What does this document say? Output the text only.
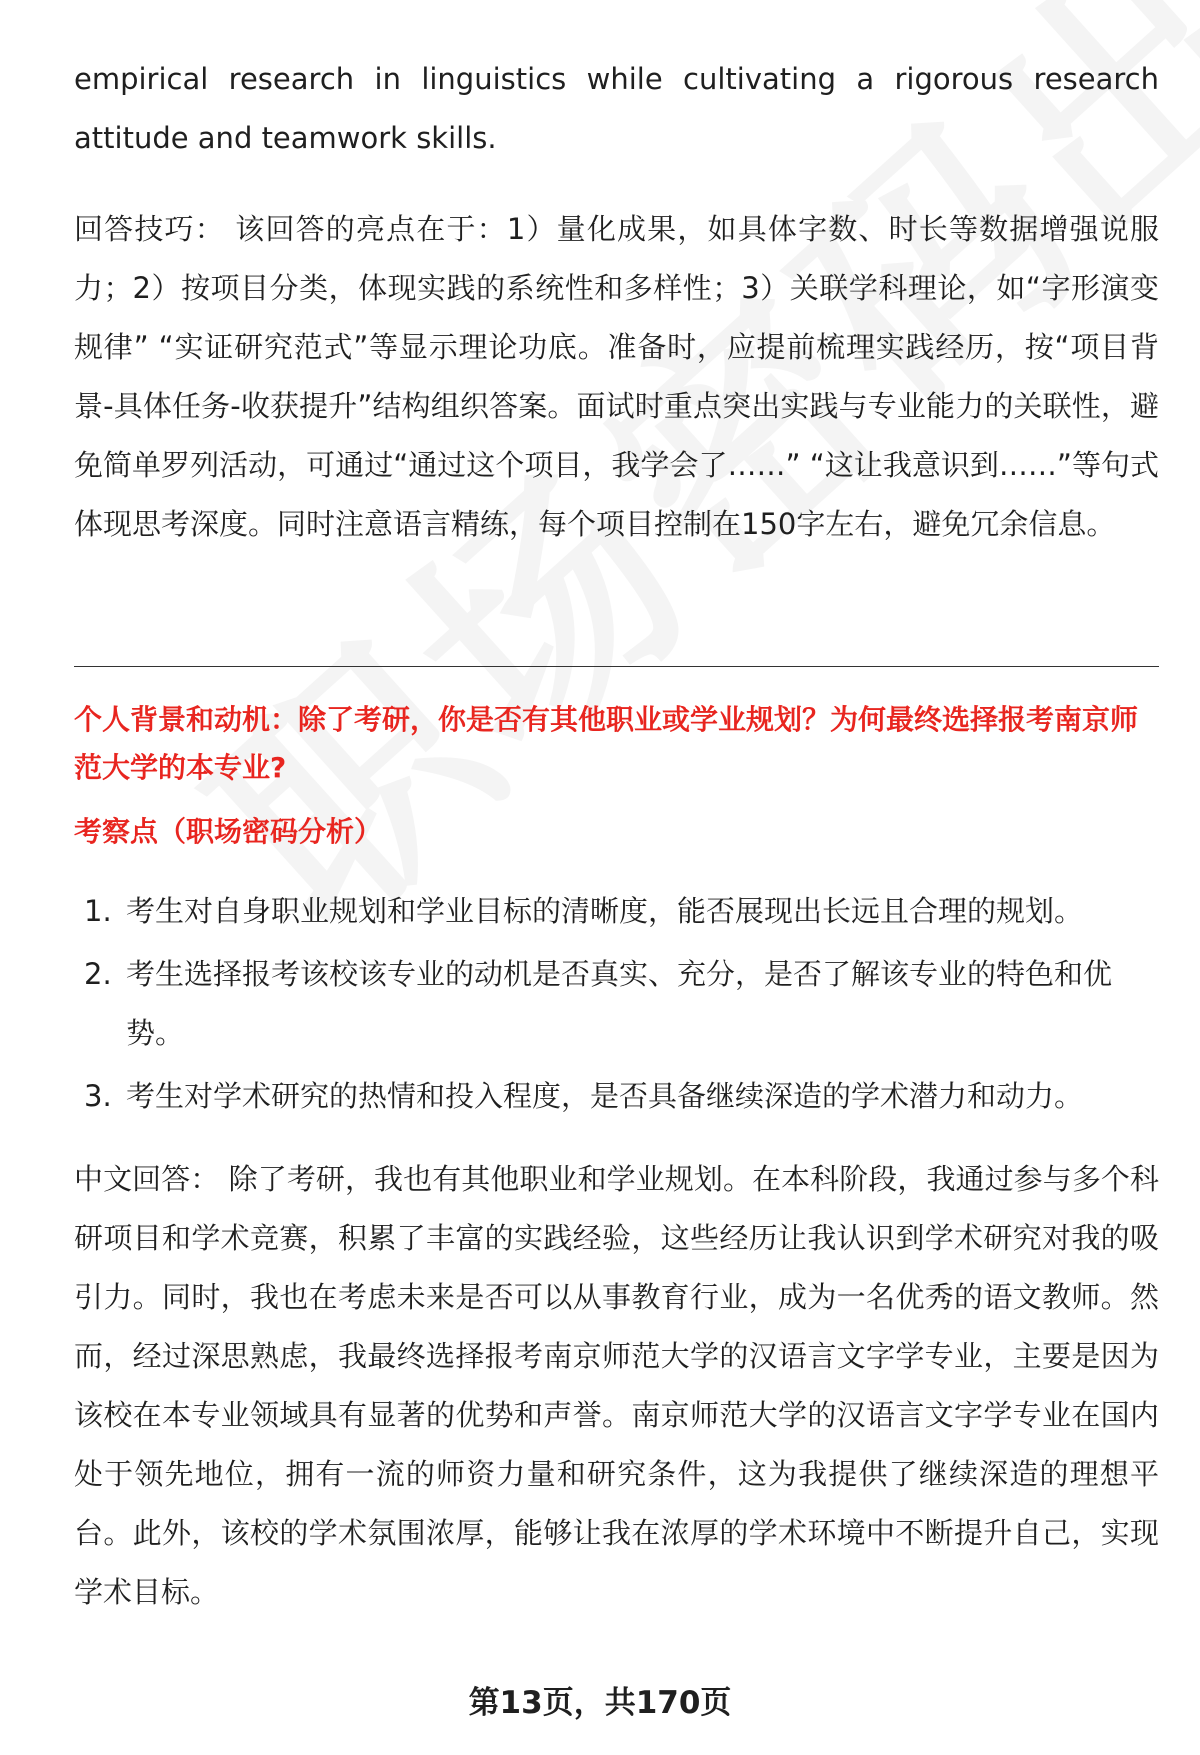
empirical research in linguistics while cultivating a rigorous research attitude and teamwork skills.

回答技巧： 该回答的亮点在于：1）量化成果，如具体字数、时长等数据增强说服力；2）按项目分类，体现实践的系统性和多样性；3）关联学科理论，如“字形演变规律” “实证研究范式”等显示理论功底。准备时，应提前梳理实践经历，按“项目背景-具体任务-收获提升”结构组织答案。面试时重点突出实践与专业能力的关联性，避免简单罗列活动，可通过“通过这个项目，我学会了……” “这让我意识到……”等句式体现思考深度。同时注意语言精练，每个项目控制在150字左右，避免冗余信息。

个人背景和动机：除了考研，你是否有其他职业或学业规划？为何最终选择报考南京师范大学的本专业?

考察点（职场密码分析）

1. 考生对自身职业规划和学业目标的清晰度，能否展现出长远且合理的规划。
2. 考生选择报考该校该专业的动机是否真实、充分，是否了解该专业的特色和优势。
3. 考生对学术研究的热情和投入程度，是否具备继续深造的学术潜力和动力。

中文回答： 除了考研，我也有其他职业和学业规划。在本科阶段，我通过参与多个科研项目和学术竞赛，积累了丰富的实践经验，这些经历让我认识到学术研究对我的吸引力。同时，我也在考虑未来是否可以从事教育行业，成为一名优秀的语文教师。然而，经过深思熟虑，我最终选择报考南京师范大学的汉语言文字学专业，主要是因为该校在本专业领域具有显著的优势和声誉。南京师范大学的汉语言文字学专业在国内处于领先地位，拥有一流的师资力量和研究条件，这为我提供了继续深造的理想平台。此外，该校的学术氛围浓厚，能够让我在浓厚的学术环境中不断提升自己，实现学术目标。

第13页，共170页
